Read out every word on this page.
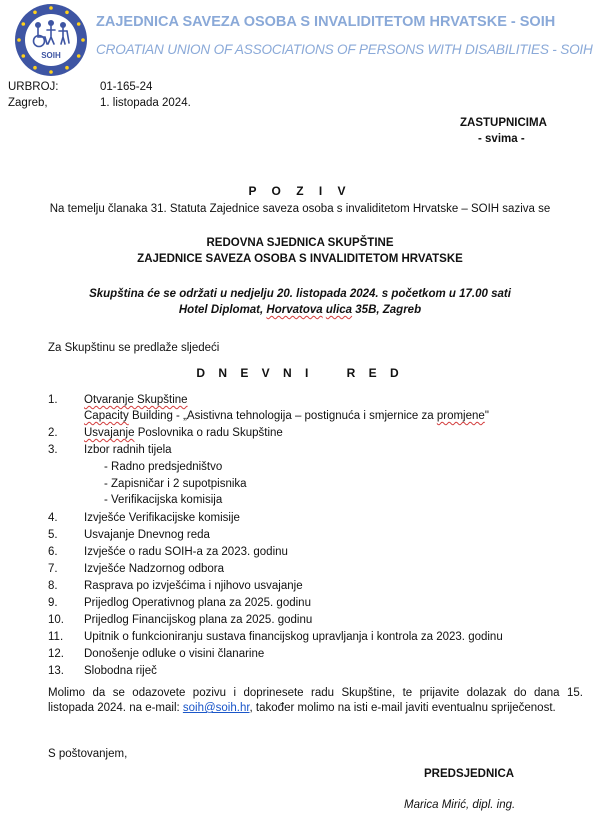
SOIH
ZAJEDNICA SAVEZA OSOBA S INVALIDITETOM HRVATSKE - SOIH
CROATIAN UNION OF ASSOCIATIONS OF PERSONS WITH DISABILITIES - SOIH
URBROJ:	01-165-24
Zagreb,	1. listopada 2024.
ZASTUPNICIMA
- svima -
P O Z I V
Na temelju članaka 31. Statuta Zajednice saveza osoba s invaliditetom Hrvatske – SOIH saziva se
REDOVNA SJEDNICA SKUPŠTINE
ZAJEDNICE SAVEZA OSOBA S INVALIDITETOM HRVATSKE
Skupština će se održati u nedjelju 20. listopada 2024. s početkom u 17.00 sati
Hotel Diplomat, Horvatova ulica 35B, Zagreb
Za Skupštinu se predlaže sljedeći
D N E V N I    R E D
1. Otvaranje Skupštine
Capacity Building - „Asistivna tehnologija – postignuća i smjernice za promjene"
2. Usvajanje Poslovnika o radu Skupštine
3. Izbor radnih tijela
- Radno predsjedništvo
- Zapisničar i 2 supotpisnika
- Verifikacijska komisija
4. Izvješće Verifikacijske komisije
5. Usvajanje Dnevnog reda
6. Izvješće o radu SOIH-a za 2023. godinu
7. Izvješće Nadzornog odbora
8. Rasprava po izvješćima i njihovo usvajanje
9. Prijedlog Operativnog plana za 2025. godinu
10. Prijedlog Financijskog plana za 2025. godinu
11. Upitnik o funkcioniranju sustava financijskog upravljanja i kontrola za 2023. godinu
12. Donošenje odluke o visini članarine
13. Slobodna riječ
Molimo da se odazovete pozivu i doprinesete radu Skupštine, te prijavite dolazak do dana 15.
listopada 2024. na e-mail: soih@soih.hr, također molimo na isti e-mail javiti eventualnu spriječenost.
S poštovanjem,
PREDSJEDNICA
Marica Mirić, dipl. ing.
